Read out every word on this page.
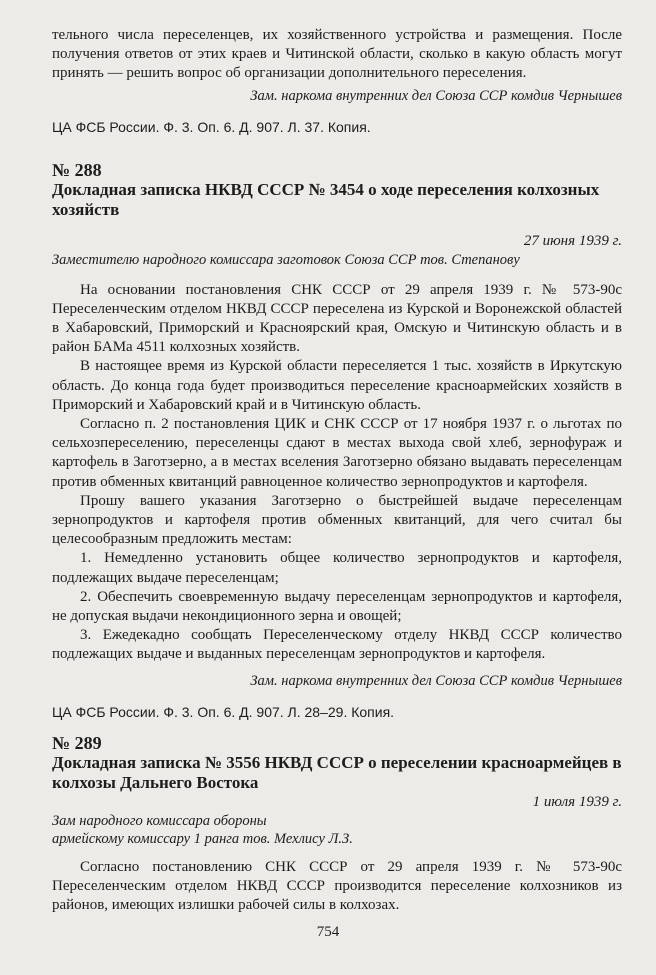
тельного числа переселенцев, их хозяйственного устройства и размещения. После получения ответов от этих краев и Читинской области, сколько в какую область могут принять — решить вопрос об организации дополнительного переселения.

Зам. наркома внутренних дел Союза ССР комдив Чернышев

ЦА ФСБ России. Ф. 3. Оп. 6. Д. 907. Л. 37. Копия.

№ 288

Докладная записка НКВД СССР № 3454 о ходе переселения колхозных хозяйств

27 июня 1939 г.

Заместителю народного комиссара заготовок Союза ССР тов. Степанову

На основании постановления СНК СССР от 29 апреля 1939 г. № 573-90с Переселенческим отделом НКВД СССР переселена из Курской и Воронежской областей в Хабаровский, Приморский и Красноярский края, Омскую и Читинскую область и в район БАМа 4511 колхозных хозяйств.

В настоящее время из Курской области переселяется 1 тыс. хозяйств в Иркутскую область. До конца года будет производиться переселение красноармейских хозяйств в Приморский и Хабаровский край и в Читинскую область.

Согласно п. 2 постановления ЦИК и СНК СССР от 17 ноября 1937 г. о льготах по сельхозпереселению, переселенцы сдают в местах выхода свой хлеб, зернофураж и картофель в Заготзерно, а в местах вселения Заготзерно обязано выдавать переселенцам против обменных квитанций равноценное количество зернопродуктов и картофеля.

Прошу вашего указания Заготзерно о быстрейшей выдаче переселенцам зернопродуктов и картофеля против обменных квитанций, для чего считал бы целесообразным предложить местам:

1. Немедленно установить общее количество зернопродуктов и картофеля, подлежащих выдаче переселенцам;

2. Обеспечить своевременную выдачу переселенцам зернопродуктов и картофеля, не допуская выдачи некондиционного зерна и овощей;

3. Ежедекадно сообщать Переселенческому отделу НКВД СССР количество подлежащих выдаче и выданных переселенцам зернопродуктов и картофеля.

Зам. наркома внутренних дел Союза ССР комдив Чернышев

ЦА ФСБ России. Ф. 3. Оп. 6. Д. 907. Л. 28–29. Копия.

№ 289

Докладная записка № 3556 НКВД СССР о переселении красноармейцев в колхозы Дальнего Востока

1 июля 1939 г.

Зам народного комиссара обороны

армейскому комиссару 1 ранга тов. Мехлису Л.З.

Согласно постановлению СНК СССР от 29 апреля 1939 г. № 573-90с Переселенческим отделом НКВД СССР производится переселение колхозников из районов, имеющих излишки рабочей силы в колхозах.

754
